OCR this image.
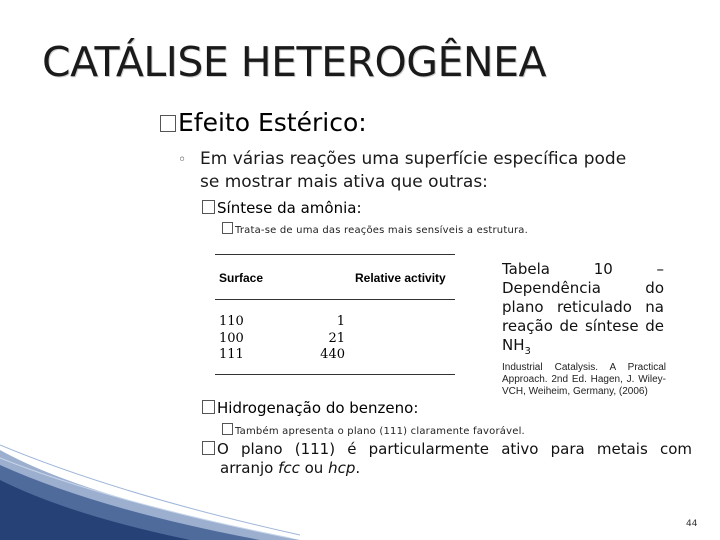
CATÁLISE HETEROGÊNEA
Efeito Estérico:
◦ Em várias reações uma superfície específica pode
se mostrar mais ativa que outras:
Síntese da amônia:
Trata-se de uma das reações mais sensíveis a estrutura.
Surface	Relative activity
110	1
100	21
111	440
Tabela 10 –
Dependência do
plano reticulado na
reação de síntese de
$NH_3$
Industrial Catalysis. A Practical Approach. 2nd Ed. Hagen, J. Wiley-VCH, Weiheim, Germany, (2006)
Hidrogenação do benzeno:
Também apresenta o plano (111) claramente favorável.
O plano (111) é particularmente ativo para metais com
arranjo fcc ou hcp.
44
